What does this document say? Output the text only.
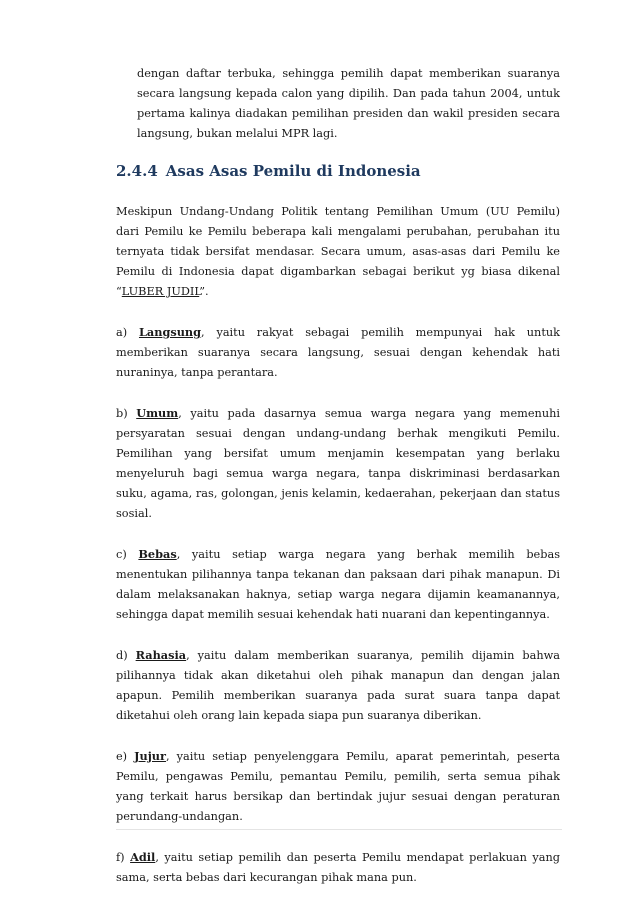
dengan daftar terbuka, sehingga pemilih dapat memberikan suaranya secara langsung kepada calon yang dipilih. Dan pada tahun 2004, untuk pertama kalinya diadakan pemilihan presiden dan wakil presiden secara langsung, bukan melalui MPR lagi.

2.4.4 Asas Asas Pemilu di Indonesia

Meskipun Undang-Undang Politik tentang Pemilihan Umum (UU Pemilu) dari Pemilu ke Pemilu beberapa kali mengalami perubahan, perubahan itu ternyata tidak bersifat mendasar. Secara umum, asas-asas dari Pemilu ke Pemilu di Indonesia dapat digambarkan sebagai berikut yg biasa dikenal “LUBER JUDIL”.

a) Langsung, yaitu rakyat sebagai pemilih mempunyai hak untuk memberikan suaranya secara langsung, sesuai dengan kehendak hati nuraninya, tanpa perantara.

b) Umum, yaitu pada dasarnya semua warga negara yang memenuhi persyaratan sesuai dengan undang-undang berhak mengikuti Pemilu. Pemilihan yang bersifat umum menjamin kesempatan yang berlaku menyeluruh bagi semua warga negara, tanpa diskriminasi berdasarkan suku, agama, ras, golongan, jenis kelamin, kedaerahan, pekerjaan dan status sosial.

c) Bebas, yaitu setiap warga negara yang berhak memilih bebas menentukan pilihannya tanpa tekanan dan paksaan dari pihak manapun. Di dalam melaksanakan haknya, setiap warga negara dijamin keamanannya, sehingga dapat memilih sesuai kehendak hati nuarani dan kepentingannya.

d) Rahasia, yaitu dalam memberikan suaranya, pemilih dijamin bahwa pilihannya tidak akan diketahui oleh pihak manapun dan dengan jalan apapun. Pemilih memberikan suaranya pada surat suara tanpa dapat diketahui oleh orang lain kepada siapa pun suaranya diberikan.

e) Jujur, yaitu setiap penyelenggara Pemilu, aparat pemerintah, peserta Pemilu, pengawas Pemilu, pemantau Pemilu, pemilih, serta semua pihak yang terkait harus bersikap dan bertindak jujur sesuai dengan peraturan perundang-undangan.

f) Adil, yaitu setiap pemilih dan peserta Pemilu mendapat perlakuan yang sama, serta bebas dari kecurangan pihak mana pun.
